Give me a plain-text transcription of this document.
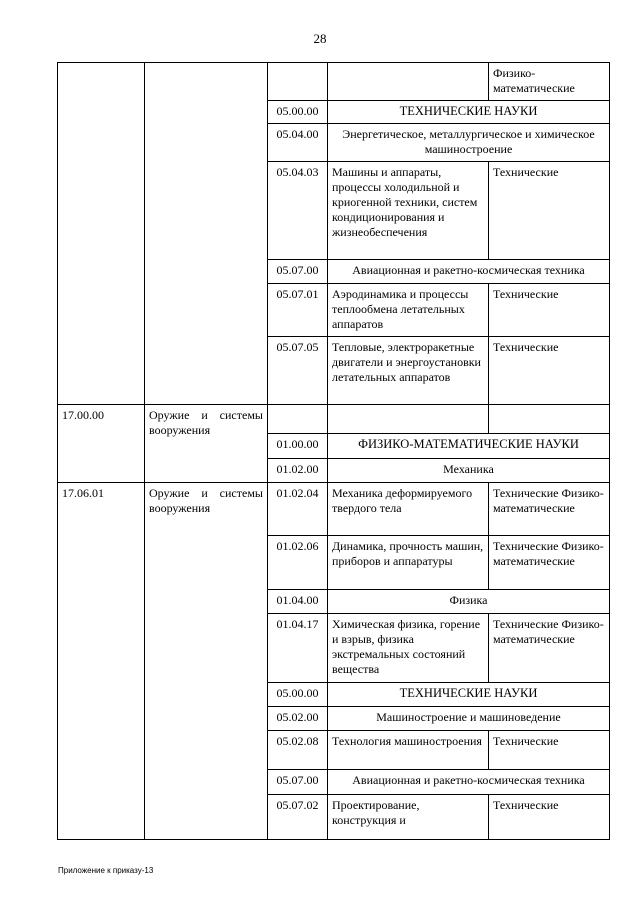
28
				Физико-математические
		05.00.00	ТЕХНИЧЕСКИЕ НАУКИ	
		05.04.00	Энергетическое, металлургическое и химическое машиностроение	
		05.04.03	Машины и аппараты, процессы холодильной и криогенной техники, систем кондиционирования и жизнеобеспечения	Технические
		05.07.00	Авиационная и ракетно-космическая техника	
		05.07.01	Аэродинамика и процессы теплообмена летательных аппаратов	Технические
		05.07.05	Тепловые, электроракетные двигатели и энергоустановки летательных аппаратов	Технические
17.00.00	Оружие и системы вооружения			
		01.00.00	ФИЗИКО-МАТЕМАТИЧЕСКИЕ НАУКИ	
		01.02.00	Механика	
17.06.01	Оружие и системы вооружения	01.02.04	Механика деформируемого твердого тела	Технические Физико-математические
		01.02.06	Динамика, прочность машин, приборов и аппаратуры	Технические Физико-математические
		01.04.00	Физика	
		01.04.17	Химическая физика, горение и взрыв, физика экстремальных состояний вещества	Технические Физико-математические
		05.00.00	ТЕХНИЧЕСКИЕ НАУКИ	
		05.02.00	Машиностроение и машиноведение	
		05.02.08	Технология машиностроения	Технические
		05.07.00	Авиационная и ракетно-космическая техника	
		05.07.02	Проектирование, конструкция и	Технические
Приложение к приказу-13
